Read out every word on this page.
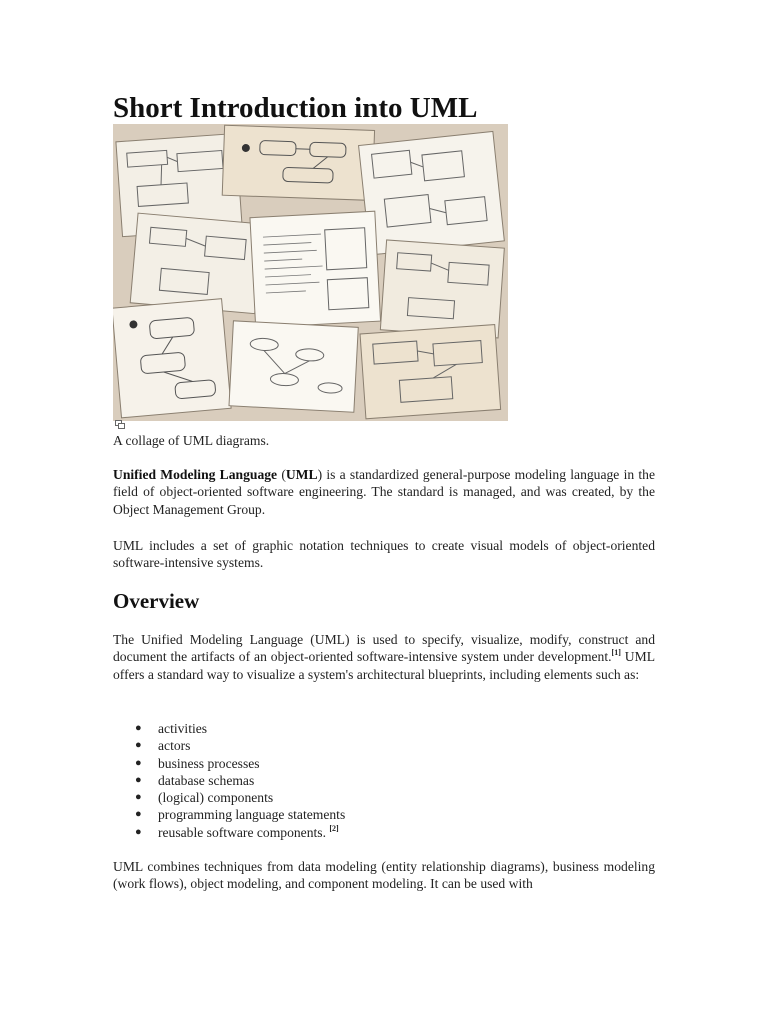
Short Introduction into UML
A collage of UML diagrams.

Unified Modeling Language (UML) is a standardized general-purpose modeling language in the field of object-oriented software engineering. The standard is managed, and was created, by the Object Management Group.

UML includes a set of graphic notation techniques to create visual models of object-oriented software-intensive systems.

Overview

The Unified Modeling Language (UML) is used to specify, visualize, modify, construct and document the artifacts of an object-oriented software-intensive system under development.[1] UML offers a standard way to visualize a system's architectural blueprints, including elements such as:

● activities
● actors
● business processes
● database schemas
● (logical) components
● programming language statements
● reusable software components. [2]

UML combines techniques from data modeling (entity relationship diagrams), business modeling (work flows), object modeling, and component modeling. It can be used with
